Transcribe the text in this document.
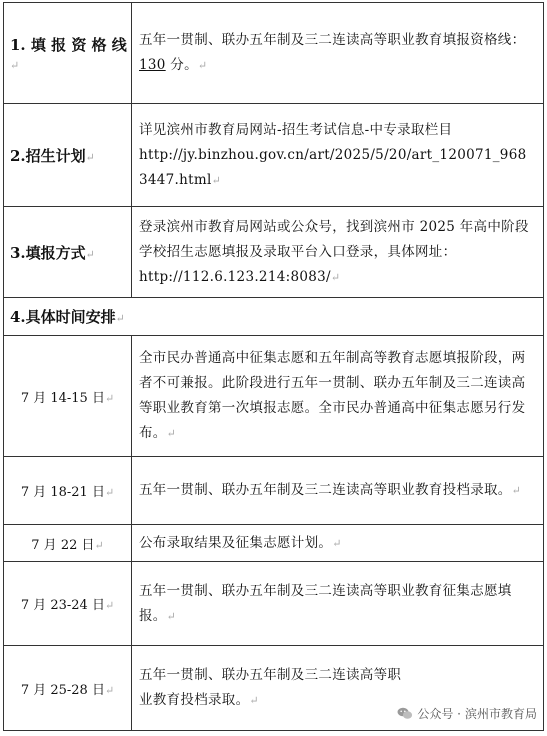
1. 填 报 资 格 线↵	五年一贯制、联办五年制及三二连读高等职业教育填报资格线：130 分。↵
2.招生计划↵	详见滨州市教育局网站-招生考试信息-中专录取栏目
http://jy.binzhou.gov.cn/art/2025/5/20/art_120071_9683447.html↵
3.填报方式↵	登录滨州市教育局网站或公众号，找到滨州市 2025 年高中阶段学校招生志愿填报及录取平台入口登录，具体网址：http://112.6.123.214:8083/↵
4.具体时间安排↵	
7 月 14-15 日↵	全市民办普通高中征集志愿和五年制高等教育志愿填报阶段，两者不可兼报。此阶段进行五年一贯制、联办五年制及三二连读高等职业教育第一次填报志愿。全市民办普通高中征集志愿另行发布。↵
7 月 18-21 日↵	五年一贯制、联办五年制及三二连读高等职业教育投档录取。↵
7 月 22 日↵	公布录取结果及征集志愿计划。↵
7 月 23-24 日↵	五年一贯制、联办五年制及三二连读高等职业教育征集志愿填报。↵
7 月 25-28 日↵	五年一贯制、联办五年制及三二连读高等职业教育投档录取。↵
公众号 · 滨州市教育局
